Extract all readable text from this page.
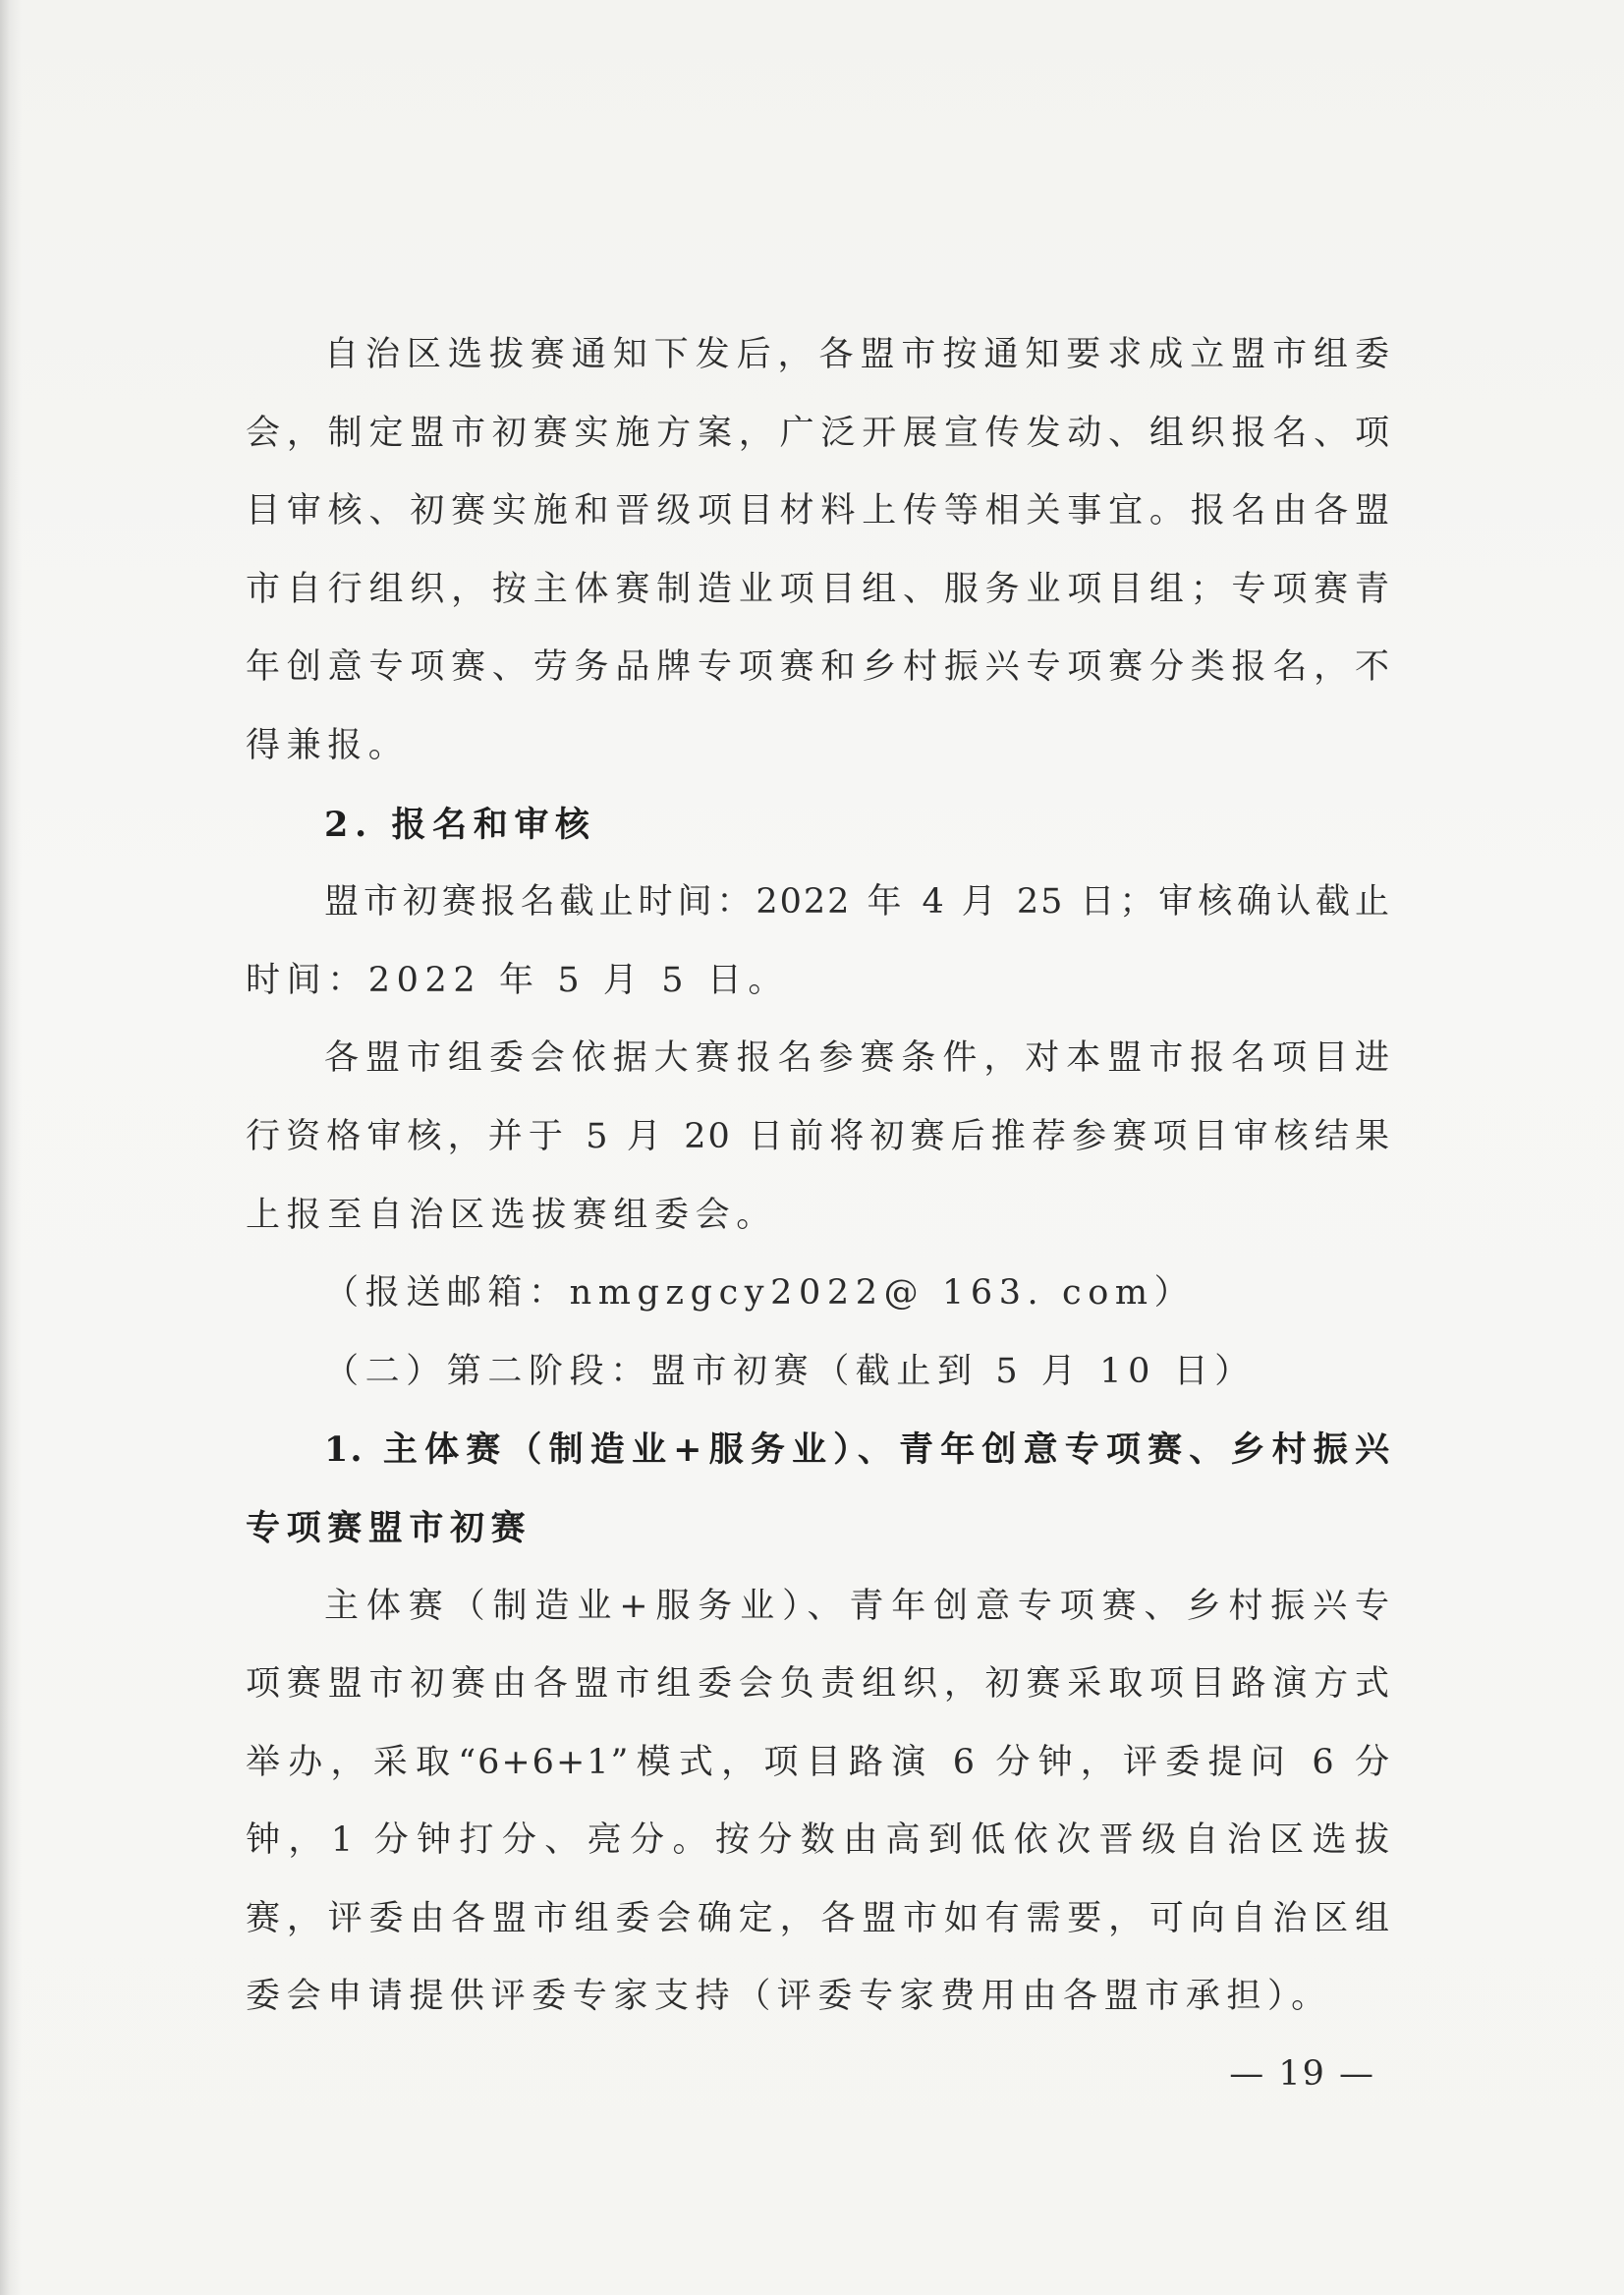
自治区选拔赛通知下发后，各盟市按通知要求成立盟市组委
会，制定盟市初赛实施方案，广泛开展宣传发动、组织报名、项
目审核、初赛实施和晋级项目材料上传等相关事宜。报名由各盟
市自行组织，按主体赛制造业项目组、服务业项目组；专项赛青
年创意专项赛、劳务品牌专项赛和乡村振兴专项赛分类报名，不
得兼报。
2. 报名和审核
盟市初赛报名截止时间：2022 年 4 月 25 日；审核确认截止
时间：2022 年 5 月 5 日。
各盟市组委会依据大赛报名参赛条件，对本盟市报名项目进
行资格审核，并于 5 月 20 日前将初赛后推荐参赛项目审核结果
上报至自治区选拔赛组委会。
（报送邮箱：nmgzgcy2022@ 163. com）
（二）第二阶段：盟市初赛（截止到 5 月 10 日）
1. 主体赛（制造业+服务业）、青年创意专项赛、乡村振兴
专项赛盟市初赛
主体赛（制造业+服务业）、青年创意专项赛、乡村振兴专
项赛盟市初赛由各盟市组委会负责组织，初赛采取项目路演方式
举办，采取“6+6+1”模式，项目路演 6 分钟，评委提问 6 分
钟，1 分钟打分、亮分。按分数由高到低依次晋级自治区选拔
赛，评委由各盟市组委会确定，各盟市如有需要，可向自治区组
委会申请提供评委专家支持（评委专家费用由各盟市承担）。
— 19 —
